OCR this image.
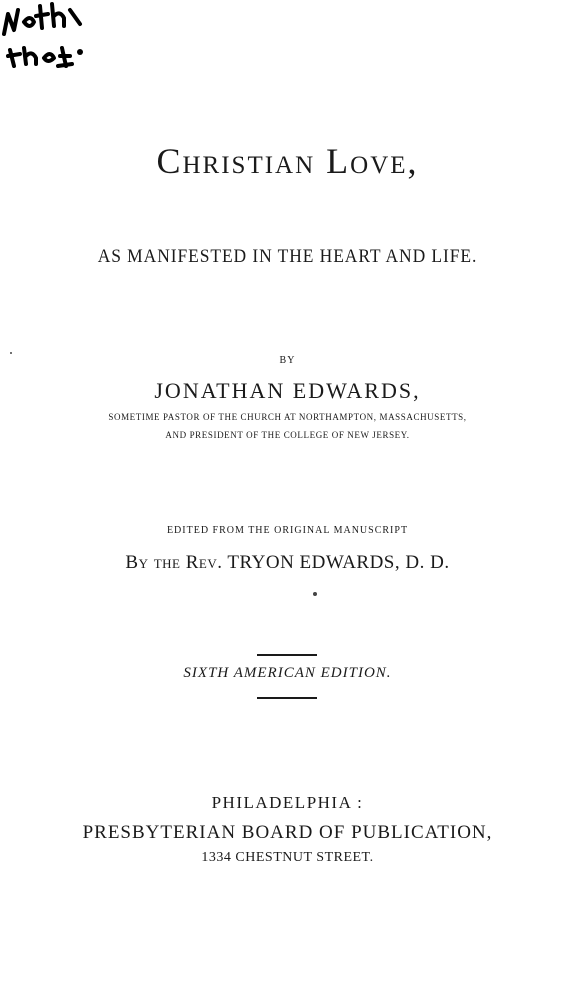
Christian Love,
AS MANIFESTED IN THE HEART AND LIFE.
BY
JONATHAN EDWARDS,
SOMETIME PASTOR OF THE CHURCH AT NORTHAMPTON, MASSACHUSETTS,
AND PRESIDENT OF THE COLLEGE OF NEW JERSEY.
EDITED FROM THE ORIGINAL MANUSCRIPT
By the Rev. TRYON EDWARDS, D. D.
SIXTH AMERICAN EDITION.
PHILADELPHIA :
PRESBYTERIAN BOARD OF PUBLICATION,
1334 CHESTNUT STREET.
